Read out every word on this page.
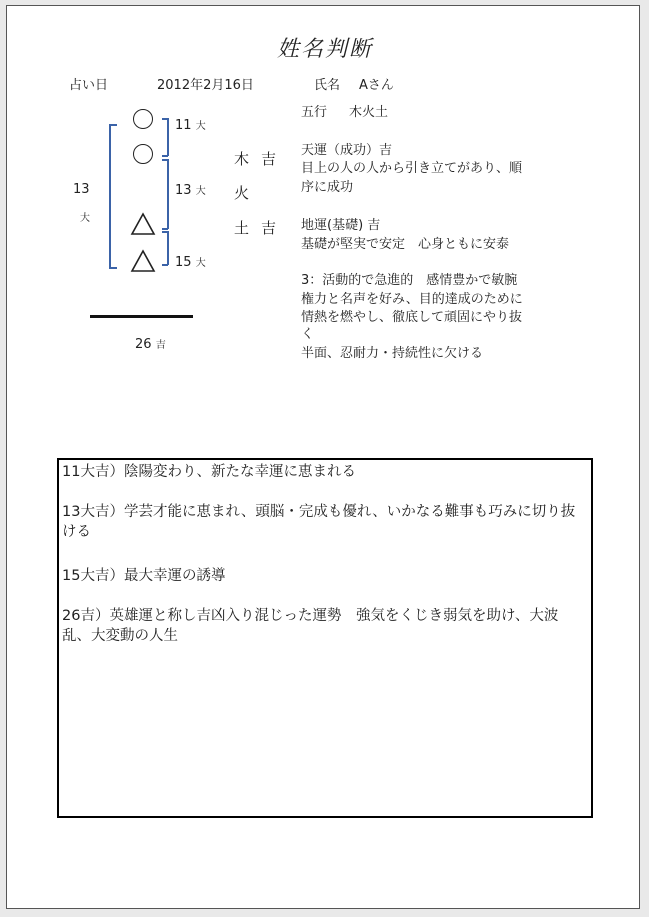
姓名判断
占い日	2012年2月16日	氏名 Aさん
五行 木火土
11 大
13 大
15 大
13
大
26 吉
木吉
火
土吉
天運（成功）吉
目上の人の人から引き立てがあり、順
序に成功
地運(基礎) 吉
基礎が堅実で安定　心身ともに安泰
3：活動的で急進的　感情豊かで敏腕
権力と名声を好み、目的達成のために
情熱を燃やし、徹底して頑固にやり抜
く
半面、忍耐力・持続性に欠ける

11大吉）陰陽変わり、新たな幸運に恵まれる

13大吉）学芸才能に恵まれ、頭脳・完成も優れ、いかなる難事も巧みに切り抜ける

15大吉）最大幸運の誘導

26吉）英雄運と称し吉凶入り混じった運勢　強気をくじき弱気を助け、大波乱、大変動の人生
